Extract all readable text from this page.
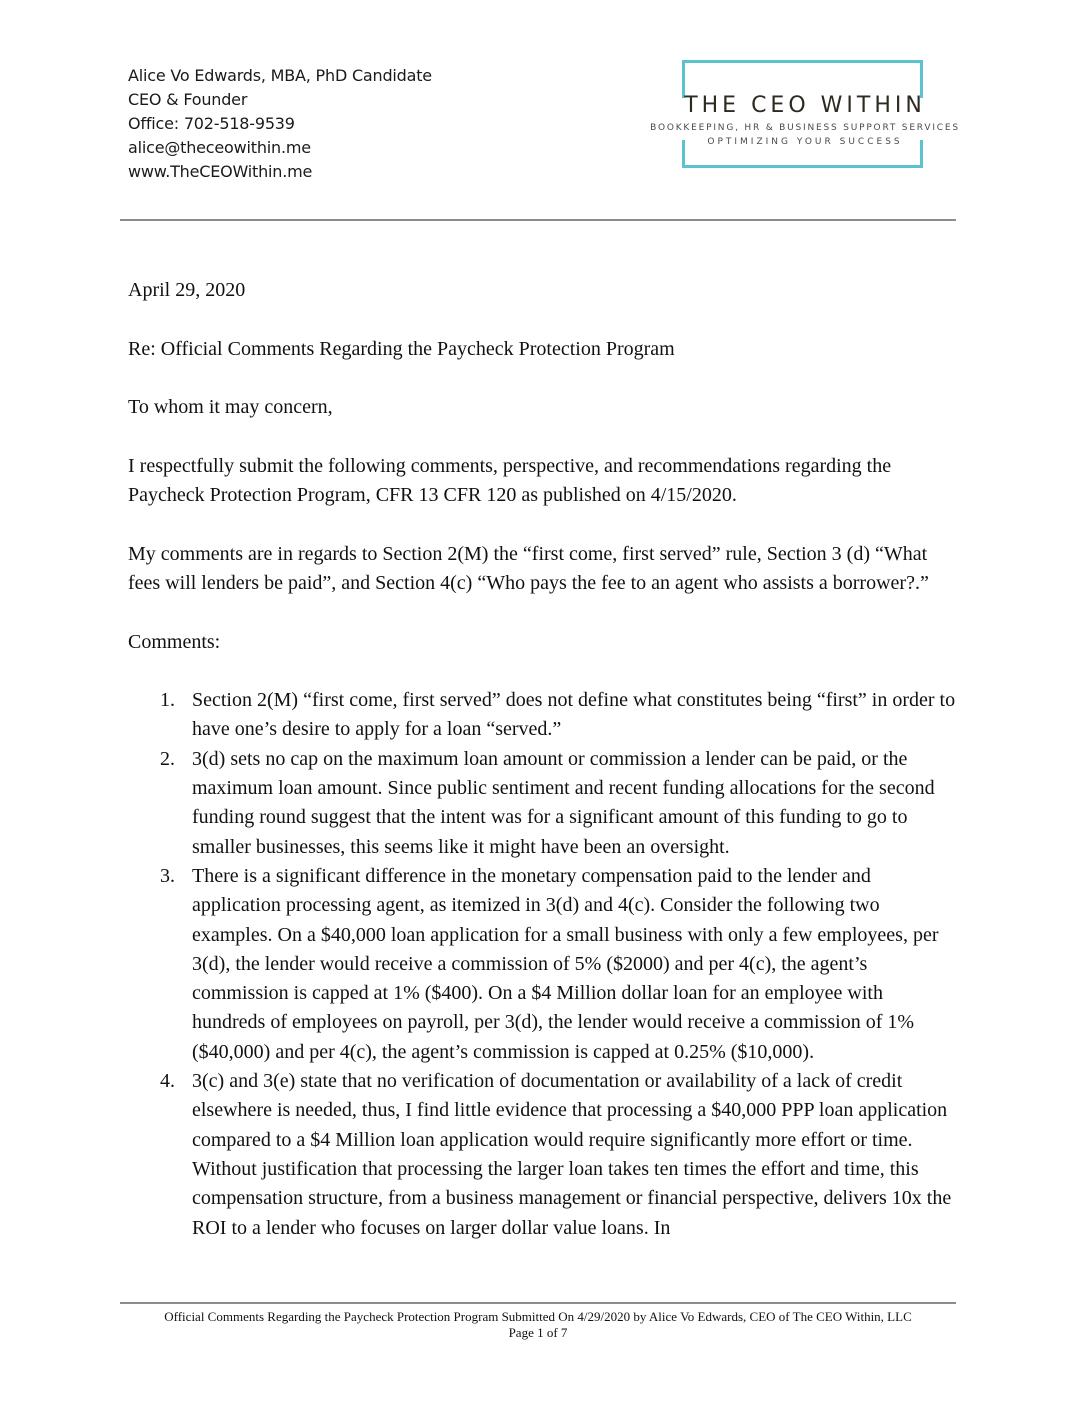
Alice Vo Edwards, MBA, PhD Candidate
CEO & Founder
Office: 702-518-9539
alice@theceowithin.me
www.TheCEOWithin.me
THE CEO WITHIN
BOOKKEEPING, HR & BUSINESS SUPPORT SERVICES
OPTIMIZING YOUR SUCCESS

April 29, 2020

Re: Official Comments Regarding the Paycheck Protection Program

To whom it may concern,

I respectfully submit the following comments, perspective, and recommendations regarding the Paycheck Protection Program, CFR 13 CFR 120 as published on 4/15/2020.

My comments are in regards to Section 2(M) the “first come, first served” rule, Section 3 (d) “What fees will lenders be paid”, and Section 4(c) “Who pays the fee to an agent who assists a borrower?.”

Comments:

1. Section 2(M) “first come, first served” does not define what constitutes being “first” in order to have one’s desire to apply for a loan “served.”
2. 3(d) sets no cap on the maximum loan amount or commission a lender can be paid, or the maximum loan amount. Since public sentiment and recent funding allocations for the second funding round suggest that the intent was for a significant amount of this funding to go to smaller businesses, this seems like it might have been an oversight.
3. There is a significant difference in the monetary compensation paid to the lender and application processing agent, as itemized in 3(d) and 4(c). Consider the following two examples. On a $40,000 loan application for a small business with only a few employees, per 3(d), the lender would receive a commission of 5% ($2000) and per 4(c), the agent’s commission is capped at 1% ($400). On a $4 Million dollar loan for an employee with hundreds of employees on payroll, per 3(d), the lender would receive a commission of 1% ($40,000) and per 4(c), the agent’s commission is capped at 0.25% ($10,000).
4. 3(c) and 3(e) state that no verification of documentation or availability of a lack of credit elsewhere is needed, thus, I find little evidence that processing a $40,000 PPP loan application compared to a $4 Million loan application would require significantly more effort or time. Without justification that processing the larger loan takes ten times the effort and time, this compensation structure, from a business management or financial perspective, delivers 10x the ROI to a lender who focuses on larger dollar value loans. In
Official Comments Regarding the Paycheck Protection Program Submitted On 4/29/2020 by Alice Vo Edwards, CEO of The CEO Within, LLC
Page 1 of 7
